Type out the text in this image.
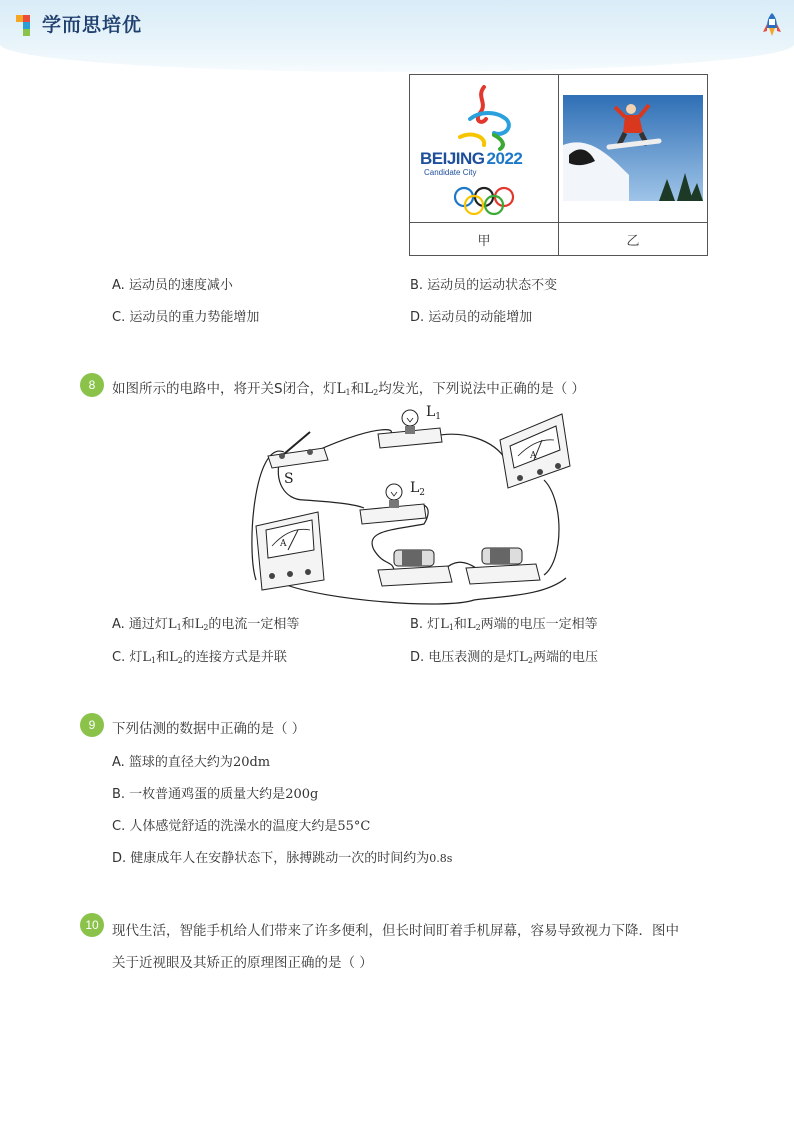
学而思培优
BEIJING 2022
Candidate City
甲	乙
A. 运动员的速度减小	B. 运动员的运动状态不变
C. 运动员的重力势能增加	D. 运动员的动能增加
8	如图所示的电路中，将开关S闭合，灯$L_1$和$L_2$均发光，下列说法中正确的是（ ）
S
$L_1$
$L_2$
A
A
A. 通过灯$L_1$和$L_2$的电流一定相等	B. 灯$L_1$和$L_2$两端的电压一定相等
C. 灯$L_1$和$L_2$的连接方式是并联	D. 电压表测的是灯$L_2$两端的电压
9	下列估测的数据中正确的是（ ）
A. 篮球的直径大约为20dm
B. 一枚普通鸡蛋的质量大约是200g
C. 人体感觉舒适的洗澡水的温度大约是55°C
D. 健康成年人在安静状态下，脉搏跳动一次的时间约为0.8s
10 现代生活，智能手机给人们带来了许多便利，但长时间盯着手机屏幕，容易导致视力下降．图中
关于近视眼及其矫正的原理图正确的是（ ）
